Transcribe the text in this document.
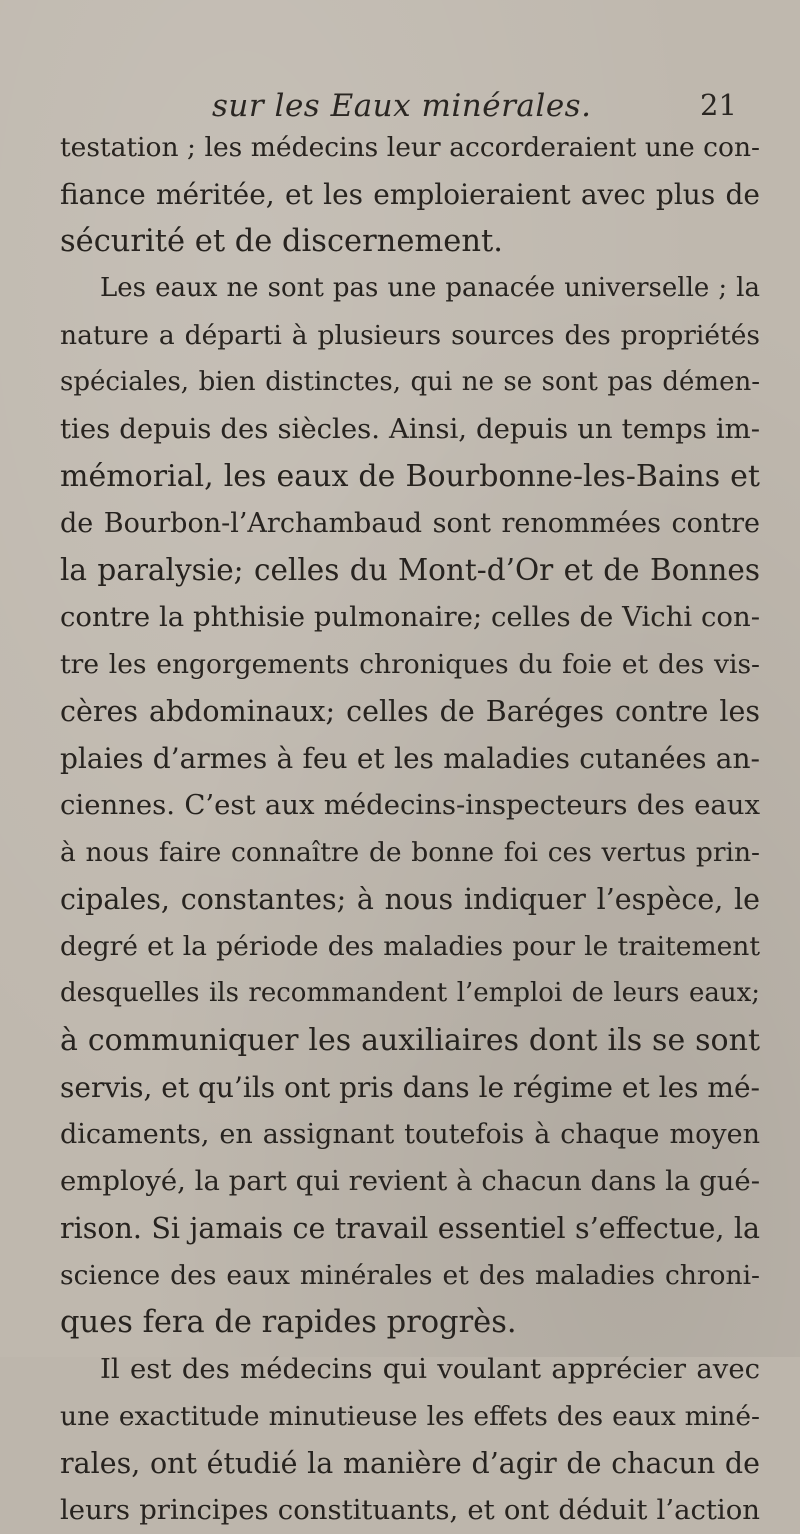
sur les Eaux minérales.	21
testation ; les médecins leur accorderaient une con-
fiance méritée, et les emploieraient avec plus de
sécurité et de discernement.
Les eaux ne sont pas une panacée universelle ; la
nature a départi à plusieurs sources des propriétés
spéciales, bien distinctes, qui ne se sont pas démen-
ties depuis des siècles. Ainsi, depuis un temps im-
mémorial, les eaux de Bourbonne-les-Bains et
de Bourbon-l’Archambaud sont renommées contre
la paralysie; celles du Mont-d’Or et de Bonnes
contre la phthisie pulmonaire; celles de Vichi con-
tre les engorgements chroniques du foie et des vis-
cères abdominaux; celles de Baréges contre les
plaies d’armes à feu et les maladies cutanées an-
ciennes. C’est aux médecins-inspecteurs des eaux
à nous faire connaître de bonne foi ces vertus prin-
cipales, constantes; à nous indiquer l’espèce, le
degré et la période des maladies pour le traitement
desquelles ils recommandent l’emploi de leurs eaux;
à communiquer les auxiliaires dont ils se sont
servis, et qu’ils ont pris dans le régime et les mé-
dicaments, en assignant toutefois à chaque moyen
employé, la part qui revient à chacun dans la gué-
rison. Si jamais ce travail essentiel s’effectue, la
science des eaux minérales et des maladies chroni-
ques fera de rapides progrès.
Il est des médecins qui voulant apprécier avec
une exactitude minutieuse les effets des eaux miné-
rales, ont étudié la manière d’agir de chacun de
leurs principes constituants, et ont déduit l’action
